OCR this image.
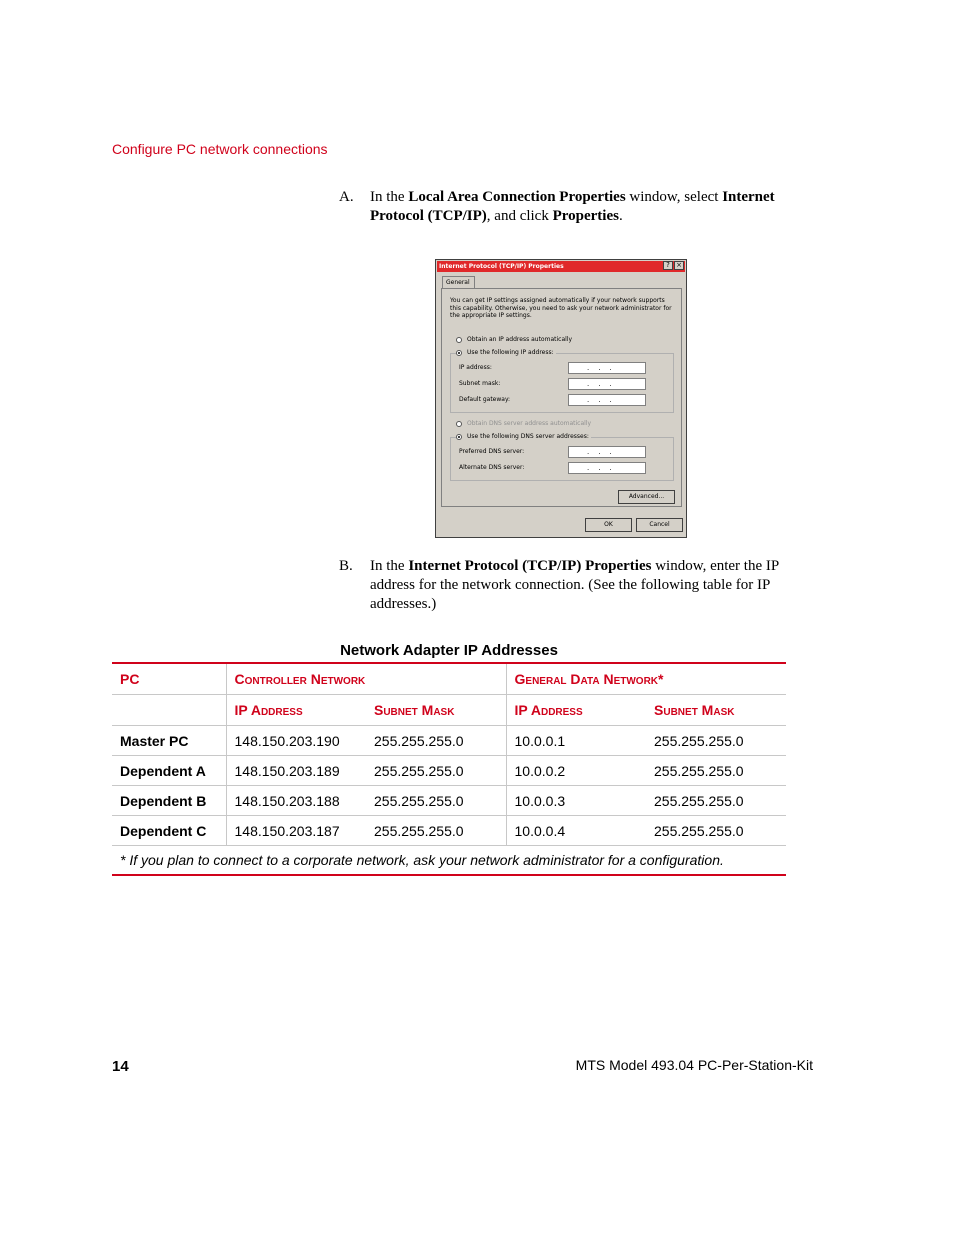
Configure PC network connections
A. In the Local Area Connection Properties window, select Internet Protocol (TCP/IP), and click Properties.
Internet Protocol (TCP/IP) Properties	? ×
General
You can get IP settings assigned automatically if your network supports this capability. Otherwise, you need to ask your network administrator for the appropriate IP settings.
Obtain an IP address automatically
Use the following IP address:
IP address:	...
Subnet mask:	...
Default gateway:	...
Obtain DNS server address automatically
Use the following DNS server addresses:
Preferred DNS server:	...
Alternate DNS server:	...
Advanced...
OK	Cancel
B. In the Internet Protocol (TCP/IP) Properties window, enter the IP address for the network connection. (See the following table for IP addresses.)
Network Adapter IP Addresses
PC	Controller Network		General Data Network*	
	IP Address	Subnet Mask	IP Address	Subnet Mask
Master PC	148.150.203.190	255.255.255.0	10.0.0.1	255.255.255.0
Dependent A	148.150.203.189	255.255.255.0	10.0.0.2	255.255.255.0
Dependent B	148.150.203.188	255.255.255.0	10.0.0.3	255.255.255.0
Dependent C	148.150.203.187	255.255.255.0	10.0.0.4	255.255.255.0
* If you plan to connect to a corporate network, ask your network administrator for a configuration.				
14	MTS Model 493.04 PC-Per-Station-Kit
